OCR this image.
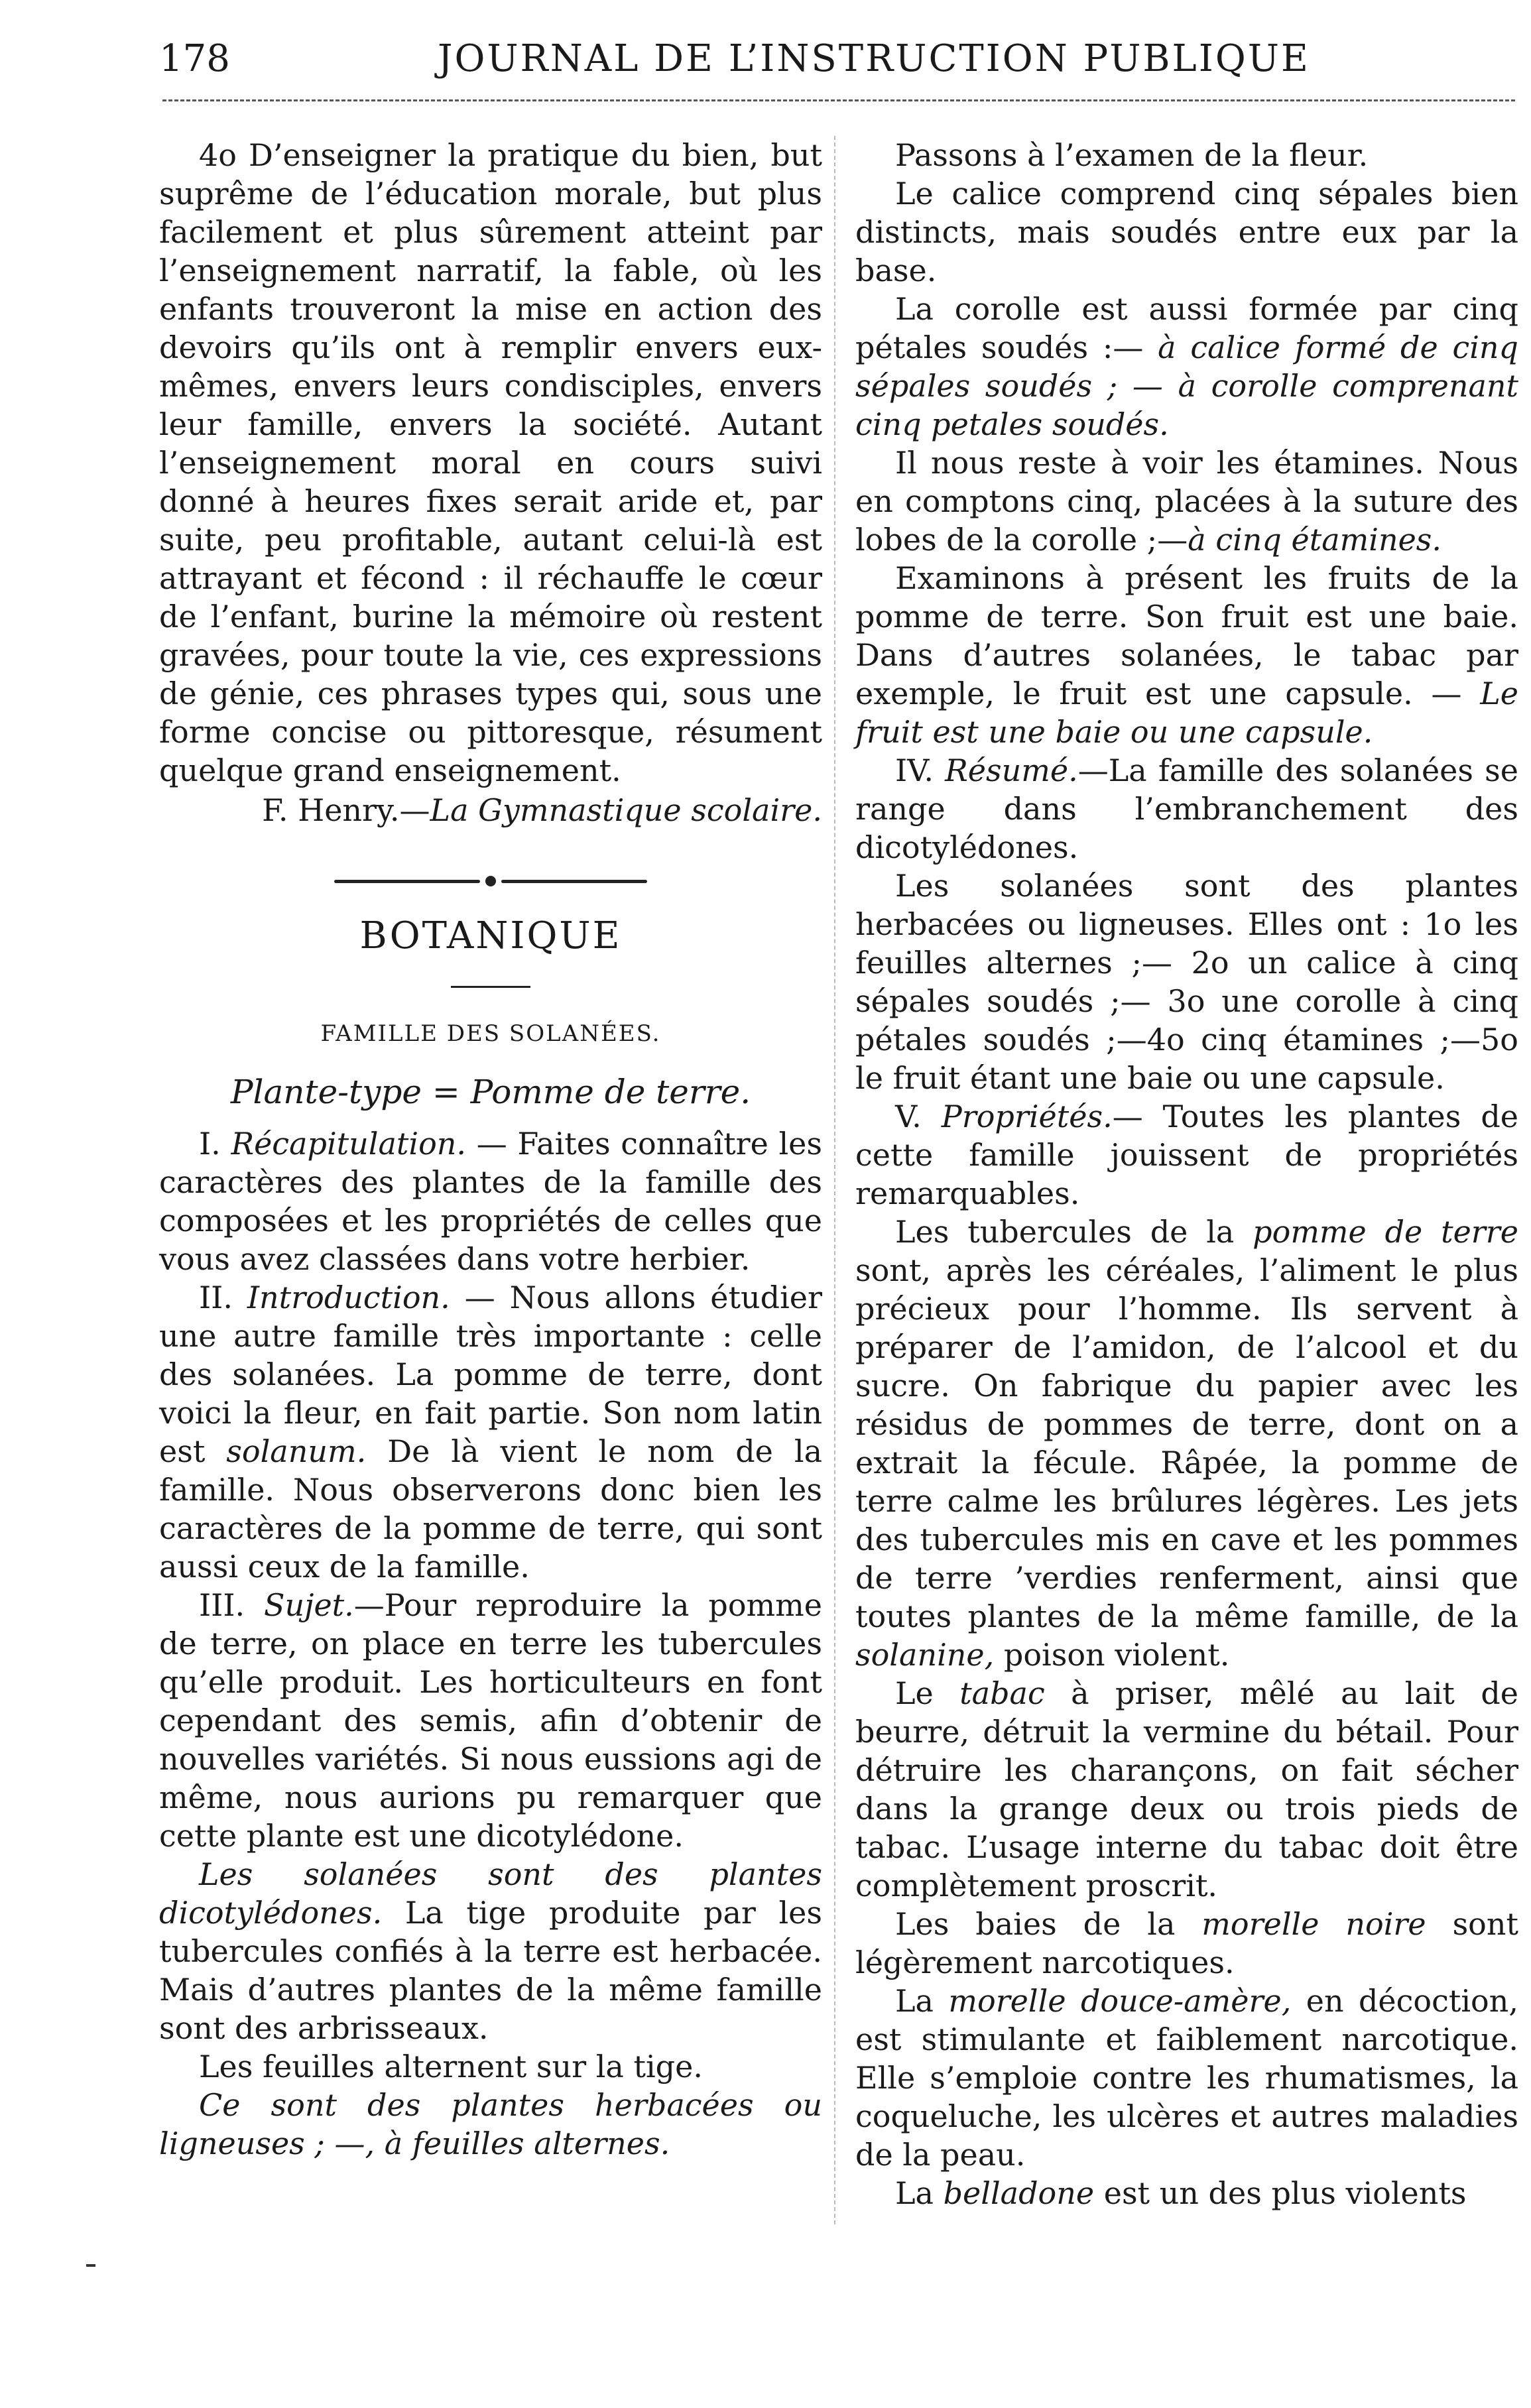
178	JOURNAL DE L’INSTRUCTION PUBLIQUE

4o D’enseigner la pratique du bien, but suprême de l’éducation morale, but plus facilement et plus sûrement atteint par l’enseignement narratif, la fable, où les enfants trouveront la mise en action des devoirs qu’ils ont à remplir envers eux-mêmes, envers leurs condisciples, envers leur famille, envers la société. Autant l’enseignement moral en cours suivi donné à heures fixes serait aride et, par suite, peu profitable, autant celui-là est attrayant et fécond : il réchauffe le cœur de l’enfant, burine la mémoire où restent gravées, pour toute la vie, ces expressions de génie, ces phrases types qui, sous une forme concise ou pittoresque, résument quelque grand enseignement.

F. Henry.—La Gymnastique scolaire.

BOTANIQUE
FAMILLE DES SOLANÉES.

Plante-type = Pomme de terre.

I. Récapitulation. — Faites connaître les caractères des plantes de la famille des composées et les propriétés de celles que vous avez classées dans votre herbier.

II. Introduction. — Nous allons étudier une autre famille très importante : celle des solanées. La pomme de terre, dont voici la fleur, en fait partie. Son nom latin est solanum. De là vient le nom de la famille. Nous observerons donc bien les caractères de la pomme de terre, qui sont aussi ceux de la famille.

III. Sujet.—Pour reproduire la pomme de terre, on place en terre les tubercules qu’elle produit. Les horticulteurs en font cependant des semis, afin d’obtenir de nouvelles variétés. Si nous eussions agi de même, nous aurions pu remarquer que cette plante est une dicotylédone.

Les solanées sont des plantes dicotylédones. La tige produite par les tubercules confiés à la terre est herbacée. Mais d’autres plantes de la même famille sont des arbrisseaux.

Les feuilles alternent sur la tige.

Ce sont des plantes herbacées ou ligneuses ; —, à feuilles alternes.

Passons à l’examen de la fleur.

Le calice comprend cinq sépales bien distincts, mais soudés entre eux par la base.

La corolle est aussi formée par cinq pétales soudés :— à calice formé de cinq sépales soudés ; — à corolle comprenant cinq petales soudés.

Il nous reste à voir les étamines. Nous en comptons cinq, placées à la suture des lobes de la corolle ;—à cinq étamines.

Examinons à présent les fruits de la pomme de terre. Son fruit est une baie. Dans d’autres solanées, le tabac par exemple, le fruit est une capsule. — Le fruit est une baie ou une capsule.

IV. Résumé.—La famille des solanées se range dans l’embranchement des dicotylédones.

Les solanées sont des plantes herbacées ou ligneuses. Elles ont : 1o les feuilles alternes ;— 2o un calice à cinq sépales soudés ;— 3o une corolle à cinq pétales soudés ;—4o cinq étamines ;—5o le fruit étant une baie ou une capsule.

V. Propriétés.— Toutes les plantes de cette famille jouissent de propriétés remarquables.

Les tubercules de la pomme de terre sont, après les céréales, l’aliment le plus précieux pour l’homme. Ils servent à préparer de l’amidon, de l’alcool et du sucre. On fabrique du papier avec les résidus de pommes de terre, dont on a extrait la fécule. Râpée, la pomme de terre calme les brûlures légères. Les jets des tubercules mis en cave et les pommes de terre ’verdies renferment, ainsi que toutes plantes de la même famille, de la solanine, poison violent.

Le tabac à priser, mêlé au lait de beurre, détruit la vermine du bétail. Pour détruire les charançons, on fait sécher dans la grange deux ou trois pieds de tabac. L’usage interne du tabac doit être complètement proscrit.

Les baies de la morelle noire sont légèrement narcotiques.

La morelle douce-amère, en décoction, est stimulante et faiblement narcotique. Elle s’emploie contre les rhumatismes, la coqueluche, les ulcères et autres maladies de la peau.

La belladone est un des plus violents
